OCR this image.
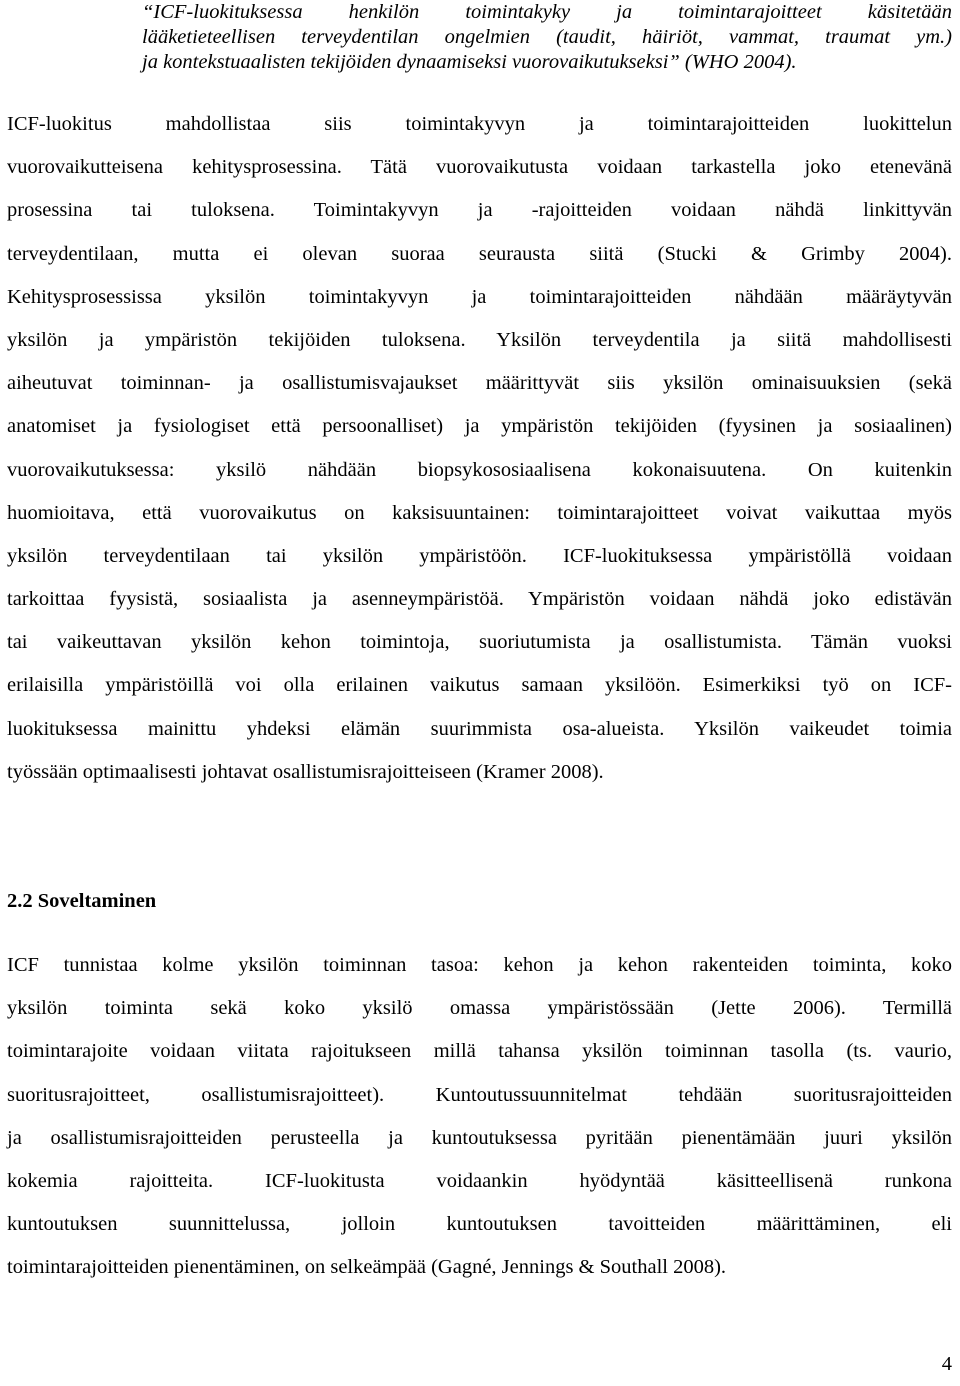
“ICF-luokituksessa henkilön toimintakyky ja toimintarajoitteet käsitetään
lääketieteellisen terveydentilan ongelmien (taudit, häiriöt, vammat, traumat ym.)
ja kontekstuaalisten tekijöiden dynaamiseksi vuorovaikutukseksi” (WHO 2004).
ICF-luokitus mahdollistaa siis toimintakyvyn ja toimintarajoitteiden luokittelun
vuorovaikutteisena kehitysprosessina. Tätä vuorovaikutusta voidaan tarkastella joko etenevänä
prosessina tai tuloksena. Toimintakyvyn ja -rajoitteiden voidaan nähdä linkittyvän
terveydentilaan, mutta ei olevan suoraa seurausta siitä (Stucki & Grimby 2004).
Kehitysprosessissa yksilön toimintakyvyn ja toimintarajoitteiden nähdään määräytyvän
yksilön ja ympäristön tekijöiden tuloksena. Yksilön terveydentila ja siitä mahdollisesti
aiheutuvat toiminnan- ja osallistumisvajaukset määrittyvät siis yksilön ominaisuuksien (sekä
anatomiset ja fysiologiset että persoonalliset) ja ympäristön tekijöiden (fyysinen ja sosiaalinen)
vuorovaikutuksessa: yksilö nähdään biopsykososiaalisena kokonaisuutena. On kuitenkin
huomioitava, että vuorovaikutus on kaksisuuntainen: toimintarajoitteet voivat vaikuttaa myös
yksilön terveydentilaan tai yksilön ympäristöön. ICF-luokituksessa ympäristöllä voidaan
tarkoittaa fyysistä, sosiaalista ja asenneympäristöä. Ympäristön voidaan nähdä joko edistävän
tai vaikeuttavan yksilön kehon toimintoja, suoriutumista ja osallistumista. Tämän vuoksi
erilaisilla ympäristöillä voi olla erilainen vaikutus samaan yksilöön. Esimerkiksi työ on ICF-
luokituksessa mainittu yhdeksi elämän suurimmista osa-alueista. Yksilön vaikeudet toimia
työssään optimaalisesti johtavat osallistumisrajoitteiseen (Kramer 2008).
2.2 Soveltaminen
ICF tunnistaa kolme yksilön toiminnan tasoa: kehon ja kehon rakenteiden toiminta, koko
yksilön toiminta sekä koko yksilö omassa ympäristössään (Jette 2006). Termillä
toimintarajoite voidaan viitata rajoitukseen millä tahansa yksilön toiminnan tasolla (ts. vaurio,
suoritusrajoitteet, osallistumisrajoitteet). Kuntoutussuunnitelmat tehdään suoritusrajoitteiden
ja osallistumisrajoitteiden perusteella ja kuntoutuksessa pyritään pienentämään juuri yksilön
kokemia rajoitteita. ICF-luokitusta voidaankin hyödyntää käsitteellisenä runkona
kuntoutuksen suunnittelussa, jolloin kuntoutuksen tavoitteiden määrittäminen, eli
toimintarajoitteiden pienentäminen, on selkeämpää (Gagné, Jennings & Southall 2008).
4
